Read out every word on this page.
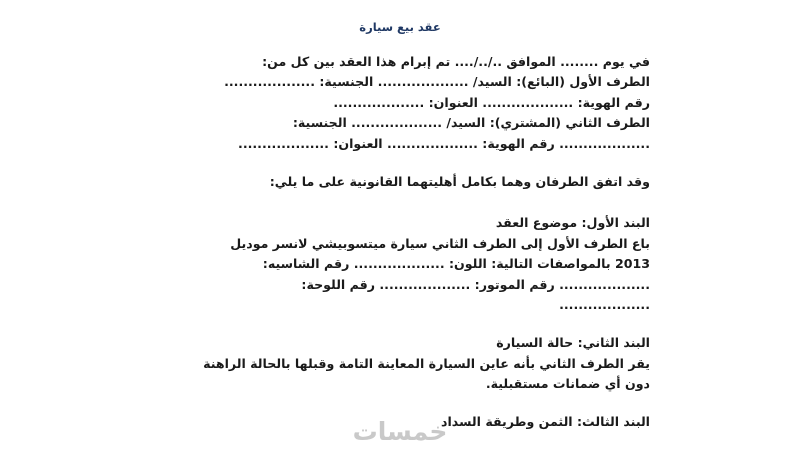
عقد بيع سيارة
في يوم ........ الموافق ../../.... تم إبرام هذا العقد بين كل من:
الطرف الأول (البائع): السيد/ ................... الجنسية: ...................
رقم الهوية: ................... العنوان: ...................
الطرف الثاني (المشتري): السيد/ ................... الجنسية:
................... رقم الهوية: ................... العنوان: ...................
وقد اتفق الطرفان وهما بكامل أهليتهما القانونية على ما يلي:
البند الأول: موضوع العقد
باع الطرف الأول إلى الطرف الثاني سيارة ميتسوبيشي لانسر موديل
2013 بالمواصفات التالية: اللون: ................... رقم الشاسيه:
................... رقم الموتور: ................... رقم اللوحة:
...................
البند الثاني: حالة السيارة
يقر الطرف الثاني بأنه عاين السيارة المعاينة التامة وقبلها بالحالة الراهنة
دون أي ضمانات مستقبلية.
البند الثالث: الثمن وطريقة السداد
خمسات
